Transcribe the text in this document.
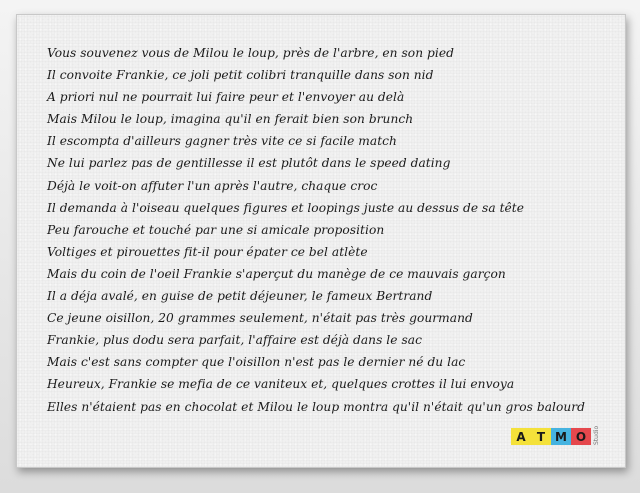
Vous souvenez vous de Milou le loup, près de l'arbre, en son pied
Il convoite Frankie, ce joli petit colibri tranquille dans son nid
A priori nul ne pourrait lui faire peur et l'envoyer au delà
Mais Milou le loup, imagina qu'il en ferait bien son brunch
Il escompta d'ailleurs gagner très vite ce si facile match
Ne lui parlez pas de gentillesse il est plutôt dans le speed dating
Déjà le voit-on affuter l'un après l'autre, chaque croc
Il demanda à l'oiseau quelques figures et loopings juste au dessus de sa tête
Peu farouche et touché par une si amicale proposition
Voltiges et pirouettes fit-il pour épater ce bel atlète
Mais du coin de l'oeil Frankie s'aperçut du manège de ce mauvais garçon
Il a déja avalé, en guise de petit déjeuner, le fameux Bertrand
Ce jeune oisillon, 20 grammes seulement, n'était pas très gourmand
Frankie, plus dodu sera parfait, l'affaire est déjà dans le sac
Mais c'est sans compter que l'oisillon n'est pas le dernier né du lac
Heureux, Frankie se mefia de ce vaniteux et, quelques crottes il lui envoya
Elles n'étaient pas en chocolat et Milou le loup montra qu'il n'était qu'un gros balourd
A T M O	Studio
